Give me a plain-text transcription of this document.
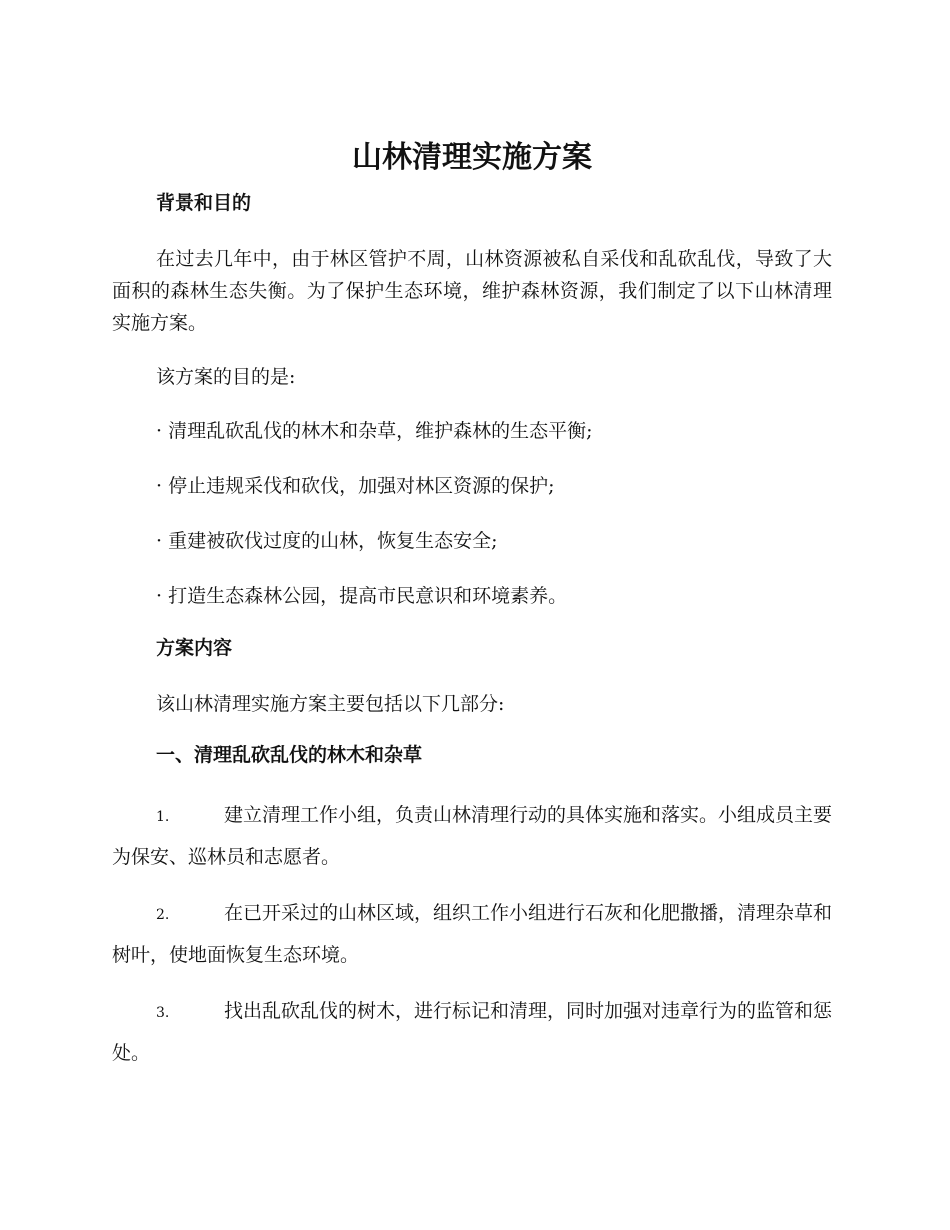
山林清理实施方案
背景和目的

在过去几年中，由于林区管护不周，山林资源被私自采伐和乱砍乱伐，导致了大面积的森林生态失衡。为了保护生态环境，维护森林资源，我们制定了以下山林清理实施方案。

该方案的目的是:

· 清理乱砍乱伐的林木和杂草，维护森林的生态平衡;

· 停止违规采伐和砍伐，加强对林区资源的保护;

· 重建被砍伐过度的山林，恢复生态安全;

· 打造生态森林公园，提高市民意识和环境素养。

方案内容

该山林清理实施方案主要包括以下几部分:

一、清理乱砍乱伐的林木和杂草

1.	建立清理工作小组，负责山林清理行动的具体实施和落实。小组成员主要为保安、巡林员和志愿者。

2.	在已开采过的山林区域，组织工作小组进行石灰和化肥撒播，清理杂草和树叶，使地面恢复生态环境。

3.	找出乱砍乱伐的树木，进行标记和清理，同时加强对违章行为的监管和惩处。
